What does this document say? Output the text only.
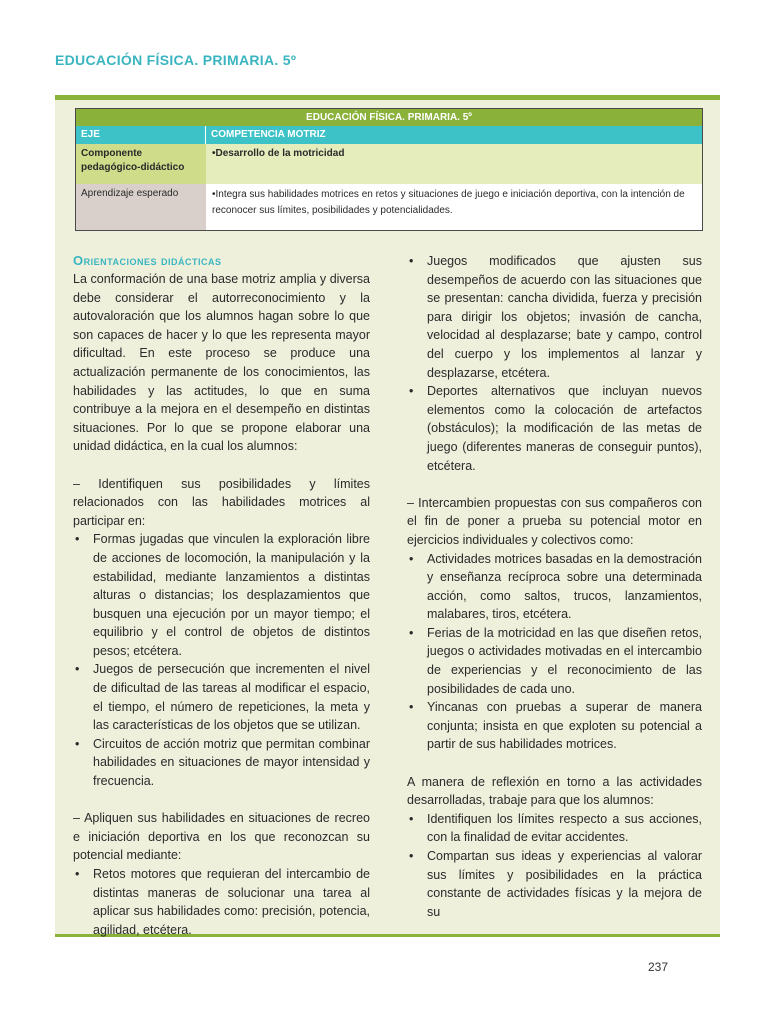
EDUCACIÓN FÍSICA. PRIMARIA. 5º
EDUCACIÓN FÍSICA. PRIMARIA. 5º
EJE	COMPETENCIA MOTRIZ
Componente pedagógico-didáctico
•Desarrollo de la motricidad
Aprendizaje esperado	•Integra sus habilidades motrices en retos y situaciones de juego e iniciación deportiva, con la intención de reconocer sus límites, posibilidades y potencialidades.
Orientaciones didácticas

La conformación de una base motriz amplia y diversa debe considerar el autorreconocimiento y la autovaloración que los alumnos hagan sobre lo que son capaces de hacer y lo que les representa mayor dificultad. En este proceso se produce una actualización permanente de los conocimientos, las habilidades y las actitudes, lo que en suma contribuye a la mejora en el desempeño en distintas situaciones. Por lo que se propone elaborar una unidad didáctica, en la cual los alumnos:

– Identifiquen sus posibilidades y límites relacionados con las habilidades motrices al participar en:

• Formas jugadas que vinculen la exploración libre de acciones de locomoción, la manipulación y la estabilidad, mediante lanzamientos a distintas alturas o distancias; los desplazamientos que busquen una ejecución por un mayor tiempo; el equilibrio y el control de objetos de distintos pesos; etcétera.
• Juegos de persecución que incrementen el nivel de dificultad de las tareas al modificar el espacio, el tiempo, el número de repeticiones, la meta y las características de los objetos que se utilizan.
• Circuitos de acción motriz que permitan combinar habilidades en situaciones de mayor intensidad y frecuencia.

– Apliquen sus habilidades en situaciones de recreo e iniciación deportiva en los que reconozcan su potencial mediante:

• Retos motores que requieran del intercambio de distintas maneras de solucionar una tarea al aplicar sus habilidades como: precisión, potencia, agilidad, etcétera.
• Juegos modificados que ajusten sus desempeños de acuerdo con las situaciones que se presentan: cancha dividida, fuerza y precisión para dirigir los objetos; invasión de cancha, velocidad al desplazarse; bate y campo, control del cuerpo y los implementos al lanzar y desplazarse, etcétera.
• Deportes alternativos que incluyan nuevos elementos como la colocación de artefactos (obstáculos); la modificación de las metas de juego (diferentes maneras de conseguir puntos), etcétera.

– Intercambien propuestas con sus compañeros con el fin de poner a prueba su potencial motor en ejercicios individuales y colectivos como:

• Actividades motrices basadas en la demostración y enseñanza recíproca sobre una determinada acción, como saltos, trucos, lanzamientos, malabares, tiros, etcétera.
• Ferias de la motricidad en las que diseñen retos, juegos o actividades motivadas en el intercambio de experiencias y el reconocimiento de las posibilidades de cada uno.
• Yincanas con pruebas a superar de manera conjunta; insista en que exploten su potencial a partir de sus habilidades motrices.

A manera de reflexión en torno a las actividades desarrolladas, trabaje para que los alumnos:

• Identifiquen los límites respecto a sus acciones, con la finalidad de evitar accidentes.
• Compartan sus ideas y experiencias al valorar sus límites y posibilidades en la práctica constante de actividades físicas y la mejora de su
237
